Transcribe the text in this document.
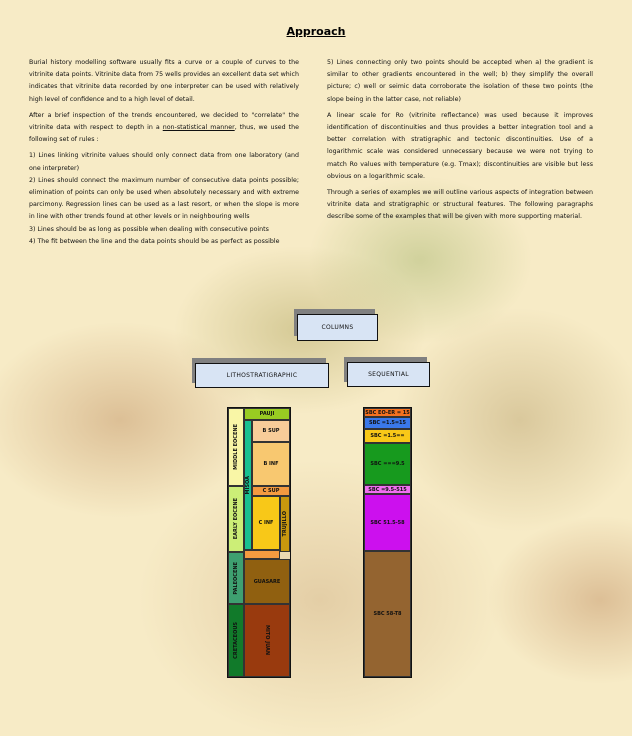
Approach

Burial history modelling software usually fits a curve or a couple of curves to the vitrinite data points. Vitrinite data from 75 wells provides an excellent data set which indicates that vitrinite data recorded by one interpreter can be used with relatively high level of confidence and to a high level of detail.

After a brief inspection of the trends encountered, we decided to "correlate" the vitrinite data with respect to depth in a non-statistical manner, thus, we used the following set of rules :

1) Lines linking vitrinite values should only connect data from one laboratory (and one interpreter)

2) Lines should connect the maximum number of consecutive data points possible; elimination of points can only be used when absolutely necessary and with extreme parcimony. Regression lines can be used as a last resort, or when the slope is more in line with other trends found at other levels or in neighbouring wells

3) Lines should be as long as possible when dealing with consecutive points

4) The fit between the line and the data points should be as perfect as possible

5) Lines connecting only two points should be accepted when a) the gradient is similar to other gradients encountered in the well; b) they simplify the overall picture; c) well or seimic data corroborate the isolation of these two points (the slope being in the latter case, not reliable)

A linear scale for Ro (vitrinite reflectance) was used because it improves identification of discontinuities and thus provides a better integration tool and a better correlation with stratigraphic and tectonic discontinuities. Use of a logarithmic scale was considered unnecessary because we were not trying to match Ro values with temperature (e.g. Tmax); discontinuities are visible but less obvious on a logarithmic scale.

Through a series of examples we will outline various aspects of integration between vitrinite data and stratigraphic or structural features. The following paragraphs describe some of the examples that will be given with more supporting material.

COLUMNS
LITHOSTRATIGRAPHIC	SEQUENTIAL
MIDDLE EOCENE
EARLY EOCENE
PALEOCENE
CRETACEOUS
PAUJI
MISOA
B SUP
B INF
C SUP
C INF	TRUJILLO
GUASARE
MITO JUAN
SBC EO-ER = 15
SBC =1.5=15
SBC =1.5==
SBC ===9.5
SBC =9.5-515
SBC 51.5-58
SBC 58-T8
